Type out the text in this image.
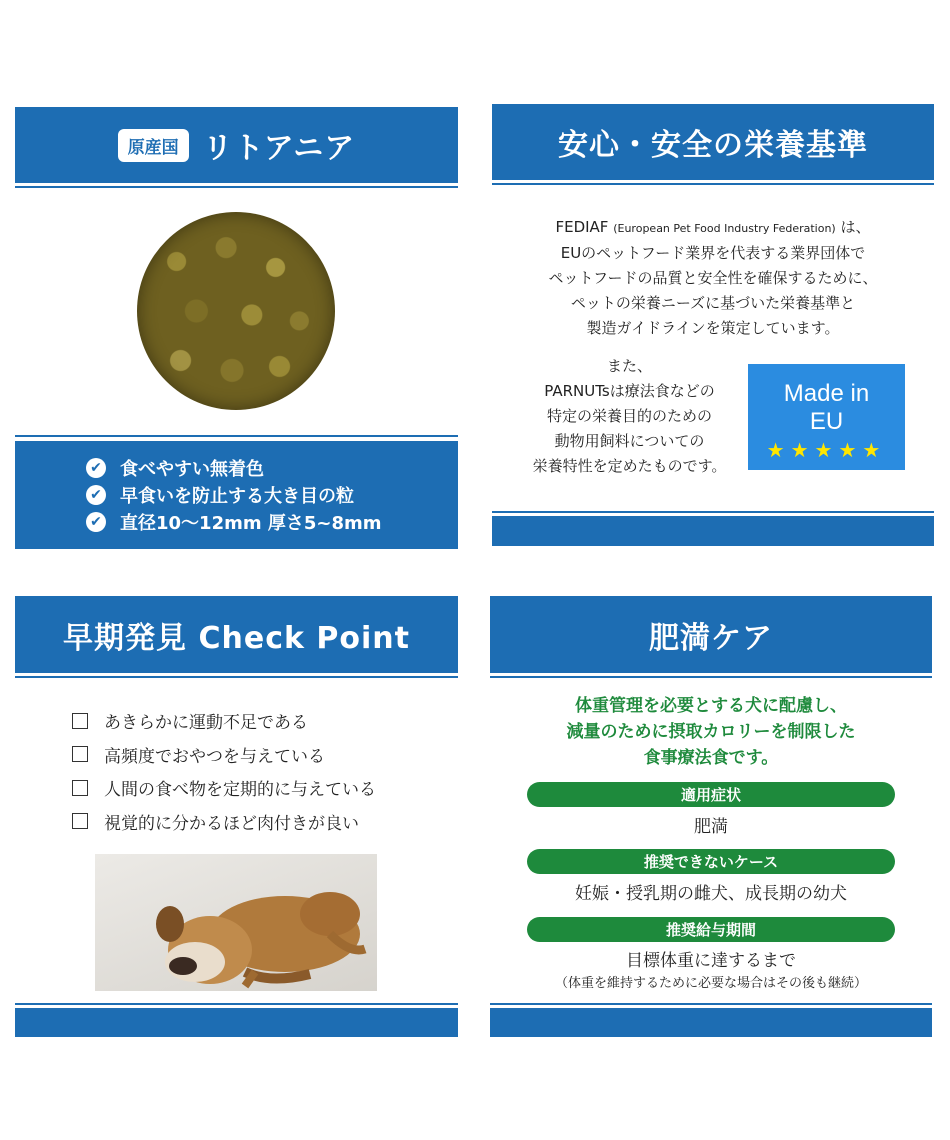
原産国 リトアニア
✔ 食べやすい無着色
✔ 早食いを防止する大き目の粒
✔ 直径10～12mm 厚さ5~8mm
安心・安全の栄養基準
FEDIAF (European Pet Food Industry Federation) は、
EUのペットフード業界を代表する業界団体で
ペットフードの品質と安全性を確保するために、
ペットの栄養ニーズに基づいた栄養基準と
製造ガイドラインを策定しています。
また、
PARNUTsは療法食などの
特定の栄養目的のための
動物用飼料についての
栄養特性を定めたものです。
Made in
EU
★★★★★
早期発見 Check Point
あきらかに運動不足である
高頻度でおやつを与えている
人間の食べ物を定期的に与えている
視覚的に分かるほど肉付きが良い
肥満ケア
体重管理を必要とする犬に配慮し、
減量のために摂取カロリーを制限した
食事療法食です。
適用症状
肥満
推奨できないケース
妊娠・授乳期の雌犬、成長期の幼犬
推奨給与期間
目標体重に達するまで
（体重を維持するために必要な場合はその後も継続）
